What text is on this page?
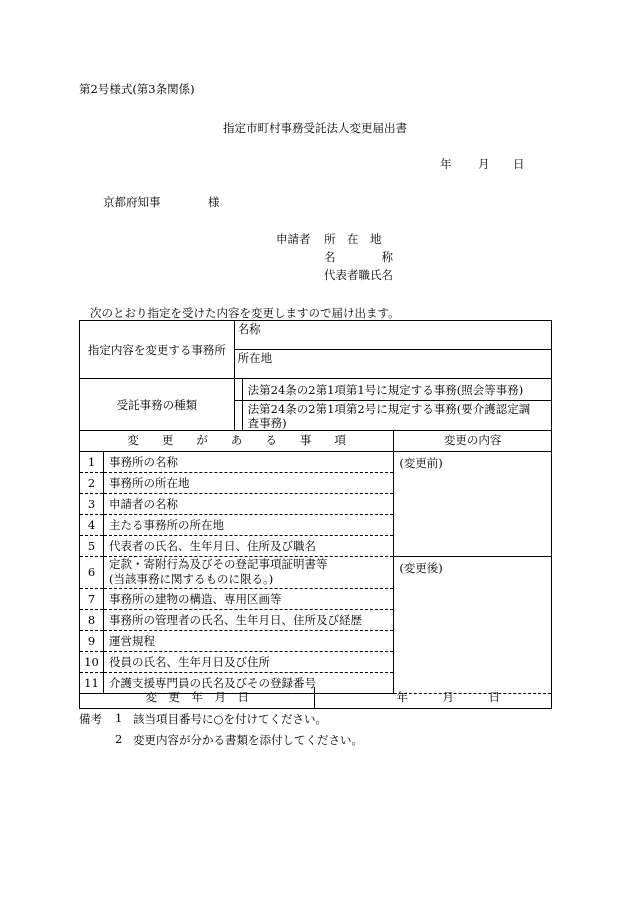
第2号様式(第3条関係)
指定市町村事務受託法人変更届出書
年 月 日
京都府知事	様
申請者 所　在　地
名　　　　称
代表者職氏名
次のとおり指定を受けた内容を変更しますので届け出ます。
指定内容を変更する事務所	名称	
	所在地	
受託事務の種類		法第24条の2第1項第1号に規定する事務(照会等事務)
		法第24条の2第1項第2号に規定する事務(要介護認定調
査事務)
変　　更　　が　　あ　　る　　事　　項		変更の内容
1	事務所の名称	(変更前)
2	事務所の所在地	
3	申請者の名称	
4	主たる事務所の所在地	
5	代表者の氏名、生年月日、住所及び職名	
6	定款・寄附行為及びその登記事項証明書等
(当該事務に関するものに限る。)	(変更後)
7	事務所の建物の構造、専用区画等	
8	事務所の管理者の氏名、生年月日、住所及び経歴	
9	運営規程	
10	役員の氏名、生年月日及び住所	
11	介護支援専門員の氏名及びその登録番号	
変　更　年　月　日	年　　　月　　　日
備考 1 該当項目番号に○を付けてください。
2 変更内容が分かる書類を添付してください。
